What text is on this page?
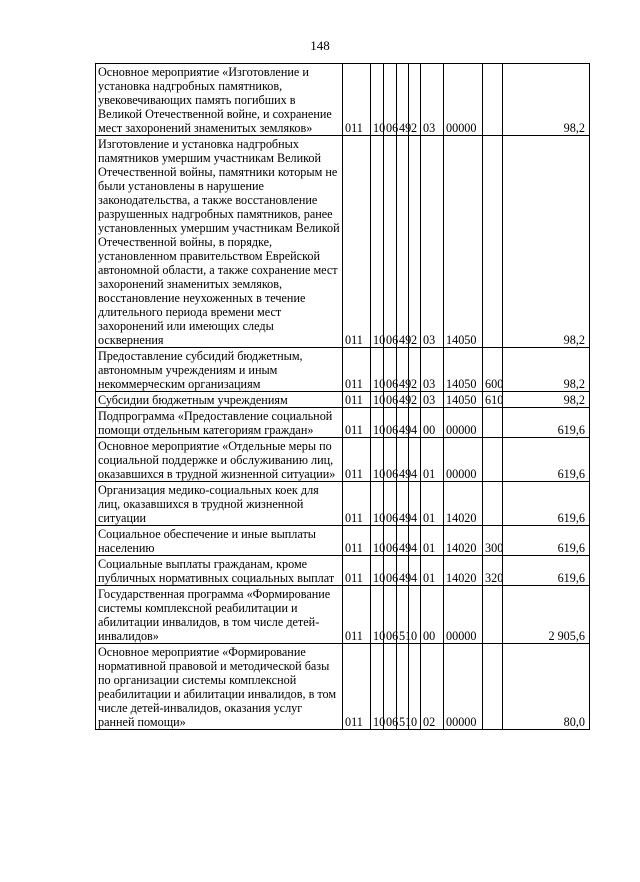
148
Основное мероприятие «Изготовление и установка надгробных памятников, увековечивающих память погибших в Великой Отечественной войне, и сохранение мест захоронений знаменитых земляков»	011	10	06	49	2	03	00000		98,2
Изготовление и установка надгробных памятников умершим участникам Великой Отечественной войны, памятники которым не были установлены в нарушение законодательства, а также восстановление разрушенных надгробных памятников, ранее установленных умершим участникам Великой Отечественной войны, в порядке, установленном правительством Еврейской автономной области, а также сохранение мест захоронений знаменитых земляков, восстановление неухоженных в течение длительного периода времени мест захоронений или имеющих следы осквернения	011	10	06	49	2	03	14050		98,2
Предоставление субсидий бюджетным, автономным учреждениям и иным некоммерческим организациям	011	10	06	49	2	03	14050	600	98,2
Субсидии бюджетным учреждениям	011	10	06	49	2	03	14050	610	98,2
Подпрограмма «Предоставление социальной помощи отдельным категориям граждан»	011	10	06	49	4	00	00000		619,6
Основное мероприятие «Отдельные меры по социальной поддержке и обслуживанию лиц, оказавшихся в трудной жизненной ситуации»	011	10	06	49	4	01	00000		619,6
Организация медико-социальных коек для лиц, оказавшихся в трудной жизненной ситуации	011	10	06	49	4	01	14020		619,6
Социальное обеспечение и иные выплаты населению	011	10	06	49	4	01	14020	300	619,6
Социальные выплаты гражданам, кроме публичных нормативных социальных выплат	011	10	06	49	4	01	14020	320	619,6
Государственная программа «Формирование системы комплексной реабилитации и абилитации инвалидов, в том числе детей-инвалидов»	011	10	06	51	0	00	00000		2 905,6
Основное мероприятие «Формирование нормативной правовой и методической базы по организации системы комплексной реабилитации и абилитации инвалидов, в том числе детей-инвалидов, оказания услуг ранней помощи»	011	10	06	51	0	02	00000		80,0
